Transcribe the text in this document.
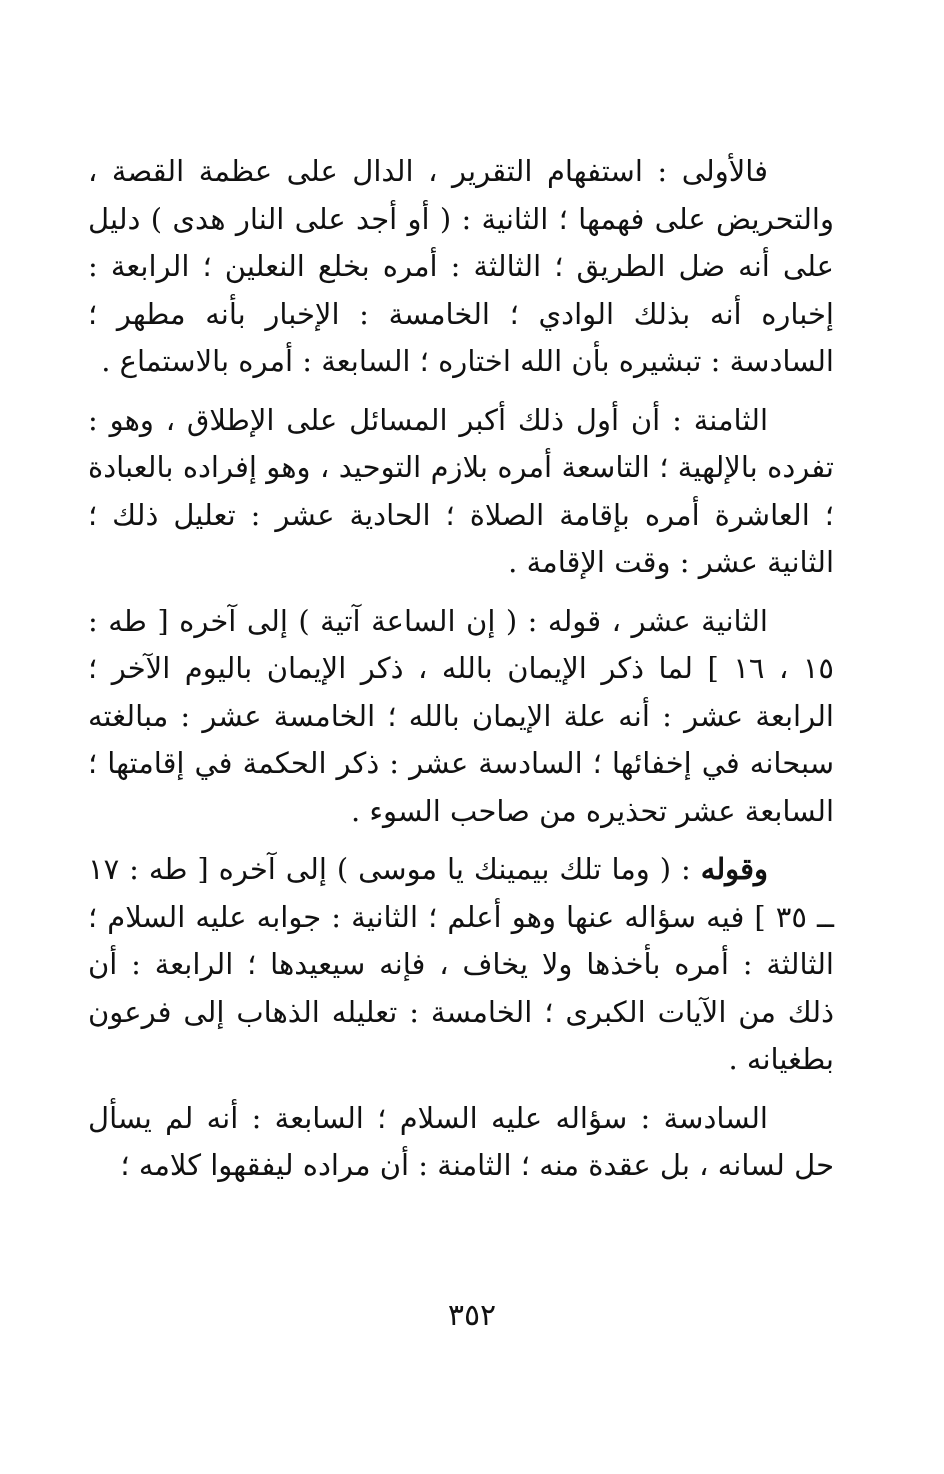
فالأولى : استفهام التقرير ، الدال على عظمة القصة ، والتحريض على فهمها ؛ الثانية : ( أو أجد على النار هدى ) دليل على أنه ضل الطريق ؛ الثالثة : أمره بخلع النعلين ؛ الرابعة : إخباره أنه بذلك الوادي ؛ الخامسة : الإخبار بأنه مطهر ؛ السادسة : تبشيره بأن الله اختاره ؛ السابعة : أمره بالاستماع .

الثامنة : أن أول ذلك أكبر المسائل على الإطلاق ، وهو : تفرده بالإلهية ؛ التاسعة أمره بلازم التوحيد ، وهو إفراده بالعبادة ؛ العاشرة أمره بإقامة الصلاة ؛ الحادية عشر : تعليل ذلك ؛ الثانية عشر : وقت الإقامة .

الثانية عشر ، قوله : ( إن الساعة آتية ) إلى آخره [ طه : ١٥ ، ١٦ ] لما ذكر الإيمان بالله ، ذكر الإيمان باليوم الآخر ؛ الرابعة عشر : أنه علة الإيمان بالله ؛ الخامسة عشر : مبالغته سبحانه في إخفائها ؛ السادسة عشر : ذكر الحكمة في إقامتها ؛ السابعة عشر تحذيره من صاحب السوء .

وقوله : ( وما تلك بيمينك يا موسى ) إلى آخره [ طه : ١٧ ــ ٣٥ ] فيه سؤاله عنها وهو أعلم ؛ الثانية : جوابه عليه السلام ؛ الثالثة : أمره بأخذها ولا يخاف ، فإنه سيعيدها ؛ الرابعة : أن ذلك من الآيات الكبرى ؛ الخامسة : تعليله الذهاب إلى فرعون بطغيانه .

السادسة : سؤاله عليه السلام ؛ السابعة : أنه لم يسأل حل لسانه ، بل عقدة منه ؛ الثامنة : أن مراده ليفقهوا كلامه ؛

٣٥٢
